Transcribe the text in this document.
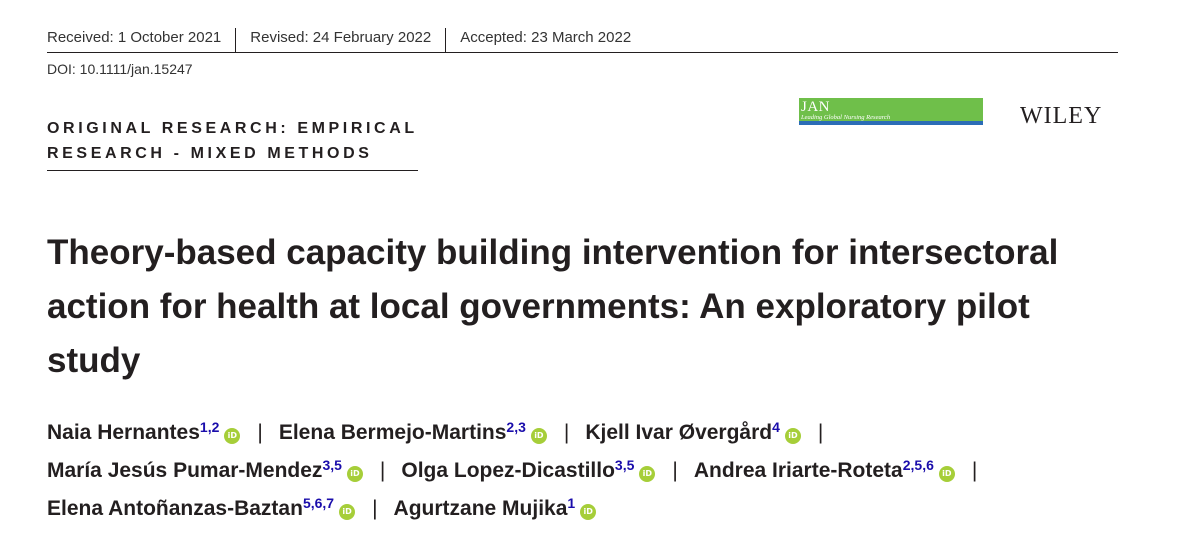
Received: 1 October 2021	Revised: 24 February 2022	Accepted: 23 March 2022
DOI: 10.1111/jan.15247
ORIGINAL RESEARCH: EMPIRICAL
RESEARCH - MIXED METHODS
JAN
Leading Global Nursing Research	WILEY
Theory-based capacity building intervention for intersectoral action for health at local governments: An exploratory pilot study
Naia Hernantes$^{1,2}$iD | Elena Bermejo-Martins$^{2,3}$iD | Kjell Ivar Øvergård$^4$iD |
María Jesús Pumar-Mendez$^{3,5}$iD | Olga Lopez-Dicastillo$^{3,5}$iD | Andrea Iriarte-Roteta$^{2,5,6}$iD |
Elena Antoñanzas-Baztan$^{5,6,7}$iD | Agurtzane Mujika$^1$iD
